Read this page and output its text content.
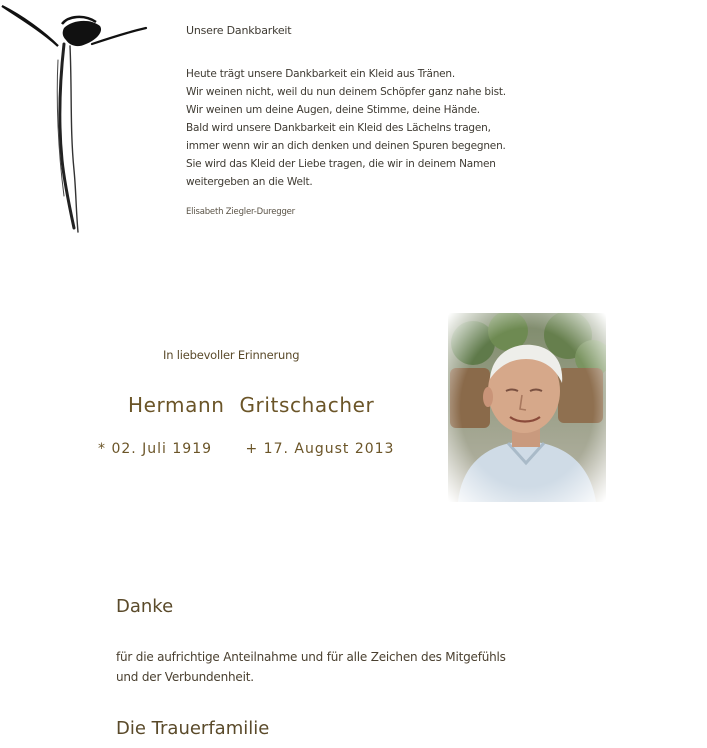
Unsere Dankbarkeit
Heute trägt unsere Dankbarkeit ein Kleid aus Tränen.
Wir weinen nicht, weil du nun deinem Schöpfer ganz nahe bist.
Wir weinen um deine Augen, deine Stimme, deine Hände.
Bald wird unsere Dankbarkeit ein Kleid des Lächelns tragen,
immer wenn wir an dich denken und deinen Spuren begegnen.
Sie wird das Kleid der Liebe tragen, die wir in deinem Namen
weitergeben an die Welt.
Elisabeth Ziegler-Duregger
In liebevoller Erinnerung
Hermann Gritschacher
* 02. Juli 1919 + 17. August 2013
Danke
für die aufrichtige Anteilnahme und für alle Zeichen des Mitgefühls
und der Verbundenheit.
Die Trauerfamilie
